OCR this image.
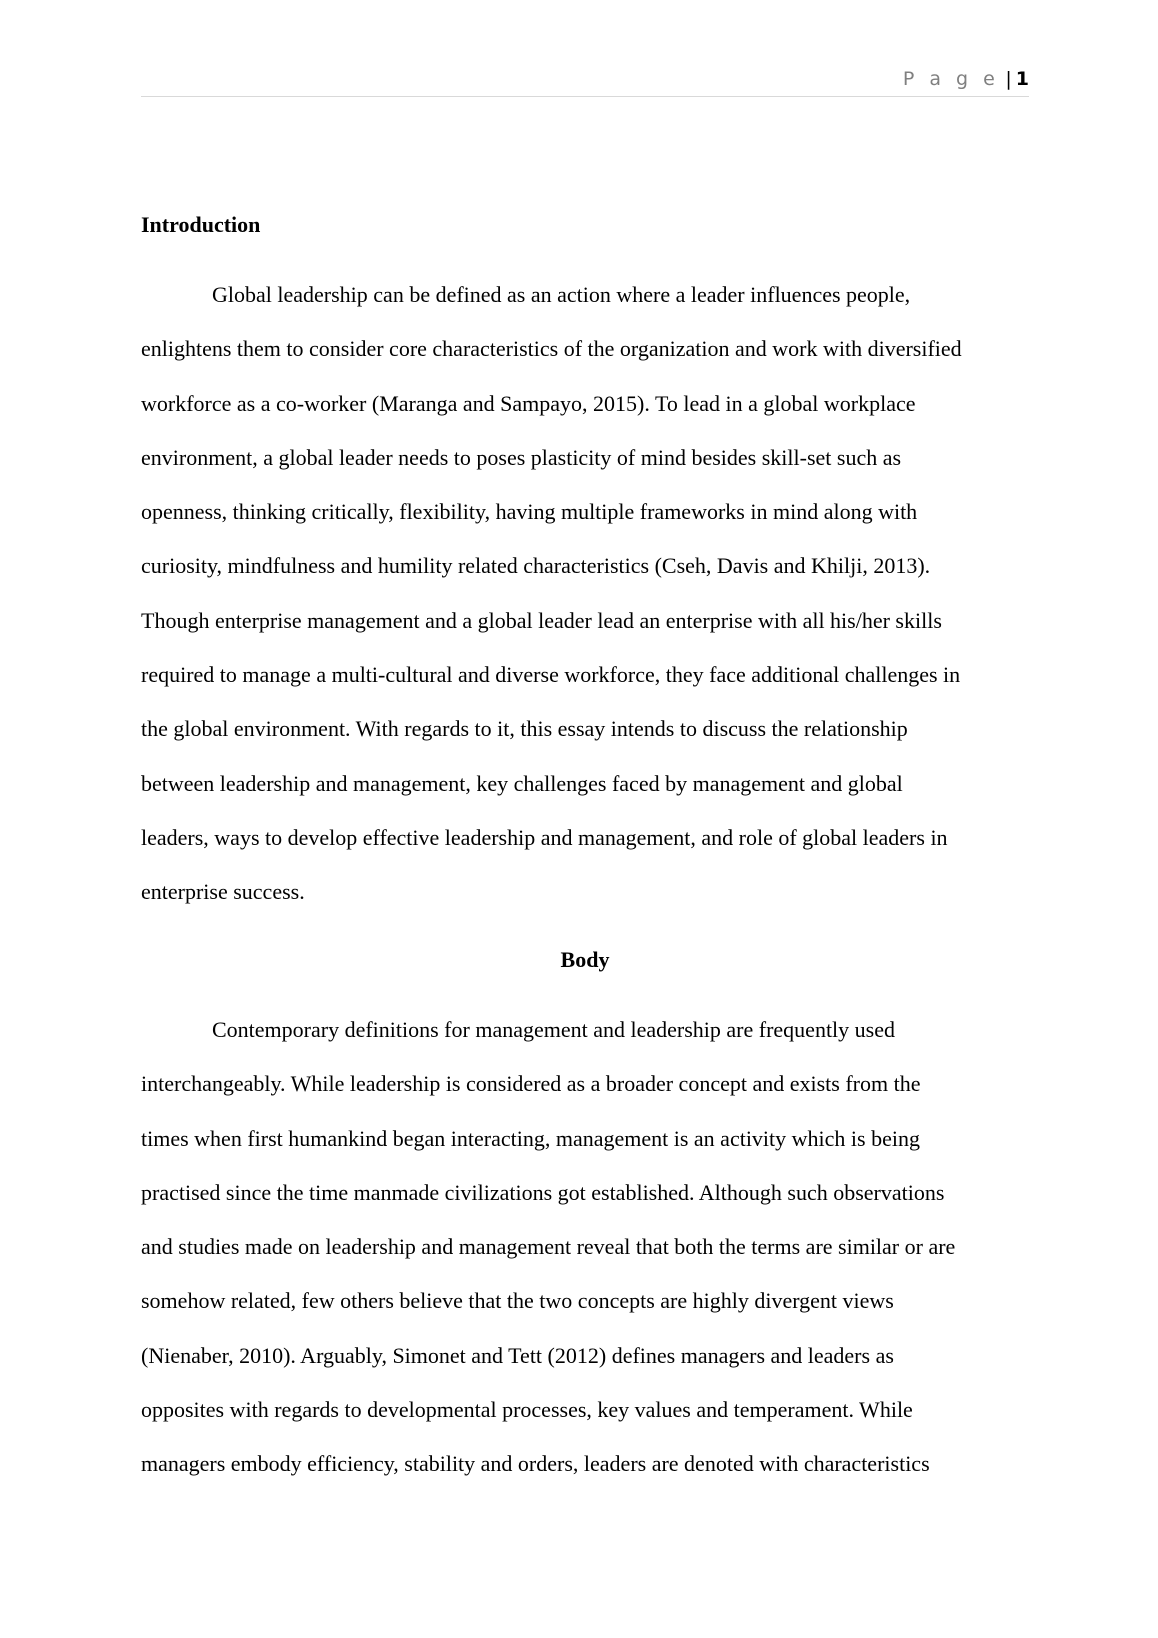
P a g e | 1
Introduction
Global leadership can be defined as an action where a leader influences people,
enlightens them to consider core characteristics of the organization and work with diversified
workforce as a co-worker (Maranga and Sampayo, 2015). To lead in a global workplace
environment, a global leader needs to poses plasticity of mind besides skill-set such as
openness, thinking critically, flexibility, having multiple frameworks in mind along with
curiosity, mindfulness and humility related characteristics (Cseh, Davis and Khilji, 2013).
Though enterprise management and a global leader lead an enterprise with all his/her skills
required to manage a multi-cultural and diverse workforce, they face additional challenges in
the global environment. With regards to it, this essay intends to discuss the relationship
between leadership and management, key challenges faced by management and global
leaders, ways to develop effective leadership and management, and role of global leaders in
enterprise success.
Body
Contemporary definitions for management and leadership are frequently used
interchangeably. While leadership is considered as a broader concept and exists from the
times when first humankind began interacting, management is an activity which is being
practised since the time manmade civilizations got established. Although such observations
and studies made on leadership and management reveal that both the terms are similar or are
somehow related, few others believe that the two concepts are highly divergent views
(Nienaber, 2010). Arguably, Simonet and Tett (2012) defines managers and leaders as
opposites with regards to developmental processes, key values and temperament. While
managers embody efficiency, stability and orders, leaders are denoted with characteristics
